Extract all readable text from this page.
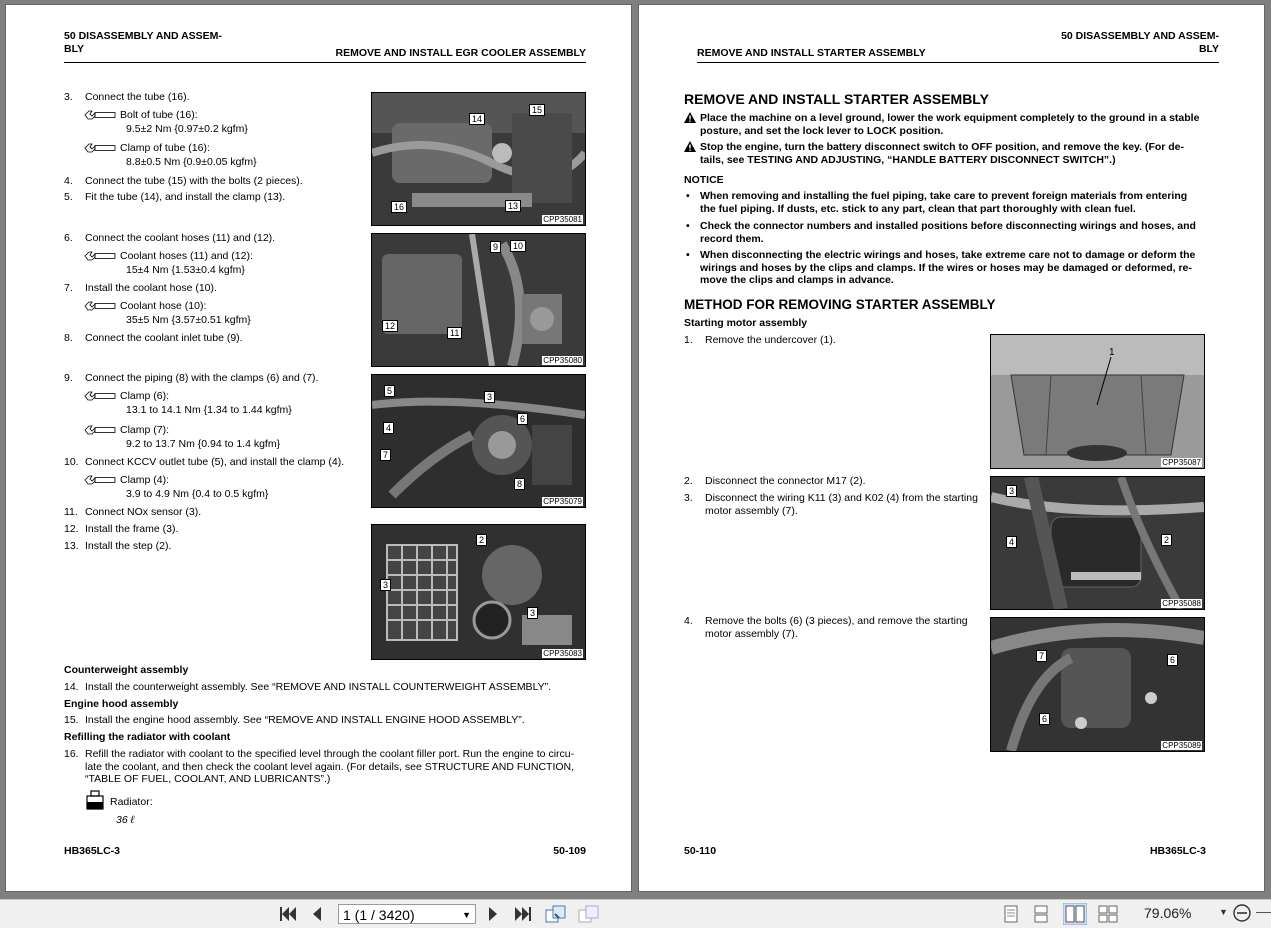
50 DISASSEMBLY AND ASSEM-
BLY	REMOVE AND INSTALL EGR COOLER ASSEMBLY
3. Connect the tube (16).
Bolt of tube (16):
9.5±2 Nm {0.97±0.2 kgfm}
Clamp of tube (16):
8.8±0.5 Nm {0.9±0.05 kgfm}
4. Connect the tube (15) with the bolts (2 pieces).
5. Fit the tube (14), and install the clamp (13).
6. Connect the coolant hoses (11) and (12).
Coolant hoses (11) and (12):
15±4 Nm {1.53±0.4 kgfm}
7. Install the coolant hose (10).
Coolant hose (10):
35±5 Nm {3.57±0.51 kgfm}
8. Connect the coolant inlet tube (9).
9. Connect the piping (8) with the clamps (6) and (7).
Clamp (6):
13.1 to 14.1 Nm {1.34 to 1.44 kgfm}
Clamp (7):
9.2 to 13.7 Nm {0.94 to 1.4 kgfm}
10. Connect KCCV outlet tube (5), and install the clamp (4).
Clamp (4):
3.9 to 4.9 Nm {0.4 to 0.5 kgfm}
11. Connect NOx sensor (3).
12. Install the frame (3).
13. Install the step (2).
14
15
16	13
CPP35081
9	10
12
11
CPP35080
5
3
6
4
7
8
CPP35079
2
3
3
CPP35083
Counterweight assembly
14. Install the counterweight assembly. See “REMOVE AND INSTALL COUNTERWEIGHT ASSEMBLY”.
Engine hood assembly
15. Install the engine hood assembly. See “REMOVE AND INSTALL ENGINE HOOD ASSEMBLY”.
Refilling the radiator with coolant
16. Refill the radiator with coolant to the specified level through the coolant filler port. Run the engine to circu-
late the coolant, and then check the coolant level again. (For details, see STRUCTURE AND FUNCTION,
“TABLE OF FUEL, COOLANT, AND LUBRICANTS”.)
Radiator:
36 ℓ
HB365LC-3	50-109
50 DISASSEMBLY AND ASSEM-
BLY
REMOVE AND INSTALL STARTER ASSEMBLY
REMOVE AND INSTALL STARTER ASSEMBLY
Place the machine on a level ground, lower the work equipment completely to the ground in a stable
posture, and set the lock lever to LOCK position.
Stop the engine, turn the battery disconnect switch to OFF position, and remove the key. (For de-
tails, see TESTING AND ADJUSTING, “HANDLE BATTERY DISCONNECT SWITCH”.)
NOTICE
• When removing and installing the fuel piping, take care to prevent foreign materials from entering
the fuel piping. If dusts, etc. stick to any part, clean that part thoroughly with clean fuel.
• Check the connector numbers and installed positions before disconnecting wirings and hoses, and
record them.
• When disconnecting the electric wirings and hoses, take extreme care not to damage or deform the
wirings and hoses by the clips and clamps. If the wires or hoses may be damaged or deformed, re-
move the clips and clamps in advance.
METHOD FOR REMOVING STARTER ASSEMBLY
Starting motor assembly
1. Remove the undercover (1).
2. Disconnect the connector M17 (2).
3. Disconnect the wiring K11 (3) and K02 (4) from the starting
motor assembly (7).
4. Remove the bolts (6) (3 pieces), and remove the starting
motor assembly (7).
1
CPP35087
3
4	2
CPP35088
7	6
6
CPP35089
50-110	HB365LC-3
1 (1 / 3420)	▼	79.06%	▼
